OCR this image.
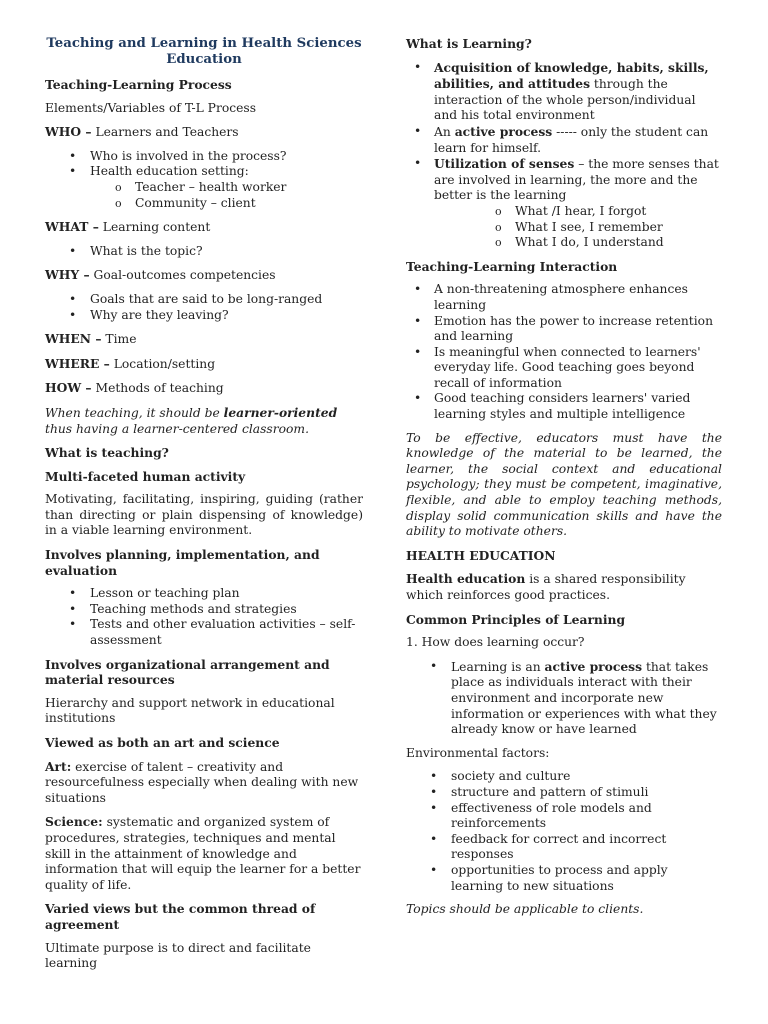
Teaching and Learning in Health Sciences Education

Teaching-Learning Process

Elements/Variables of T-L Process

WHO – Learners and Teachers

• Who is involved in the process?
• Health education setting:
o Teacher – health worker
o Community – client

WHAT – Learning content

• What is the topic?

WHY – Goal-outcomes competencies

• Goals that are said to be long-ranged
• Why are they leaving?

WHEN – Time

WHERE – Location/setting

HOW – Methods of teaching

When teaching, it should be learner-oriented thus having a learner-centered classroom.

What is teaching?

Multi-faceted human activity

Motivating, facilitating, inspiring, guiding (rather than directing or plain dispensing of knowledge) in a viable learning environment.

Involves planning, implementation, and evaluation

• Lesson or teaching plan
• Teaching methods and strategies
• Tests and other evaluation activities – self-assessment

Involves organizational arrangement and material resources

Hierarchy and support network in educational institutions

Viewed as both an art and science

Art: exercise of talent – creativity and resourcefulness especially when dealing with new situations

Science: systematic and organized system of procedures, strategies, techniques and mental skill in the attainment of knowledge and information that will equip the learner for a better quality of life.

Varied views but the common thread of agreement

Ultimate purpose is to direct and facilitate learning

What is Learning?

• Acquisition of knowledge, habits, skills, abilities, and attitudes through the interaction of the whole person/individual and his total environment
• An active process ----- only the student can learn for himself.
• Utilization of senses – the more senses that are involved in learning, the more and the better is the learning
o What /I hear, I forgot
o What I see, I remember
o What I do, I understand

Teaching-Learning Interaction

• A non-threatening atmosphere enhances learning
• Emotion has the power to increase retention and learning
• Is meaningful when connected to learners' everyday life. Good teaching goes beyond recall of information
• Good teaching considers learners' varied learning styles and multiple intelligence

To be effective, educators must have the knowledge of the material to be learned, the learner, the social context and educational psychology; they must be competent, imaginative, flexible, and able to employ teaching methods, display solid communication skills and have the ability to motivate others.

HEALTH EDUCATION

Health education is a shared responsibility which reinforces good practices.

Common Principles of Learning

1. How does learning occur?

• Learning is an active process that takes place as individuals interact with their environment and incorporate new information or experiences with what they already know or have learned

Environmental factors:

• society and culture
• structure and pattern of stimuli
• effectiveness of role models and reinforcements
• feedback for correct and incorrect responses
• opportunities to process and apply learning to new situations

Topics should be applicable to clients.
